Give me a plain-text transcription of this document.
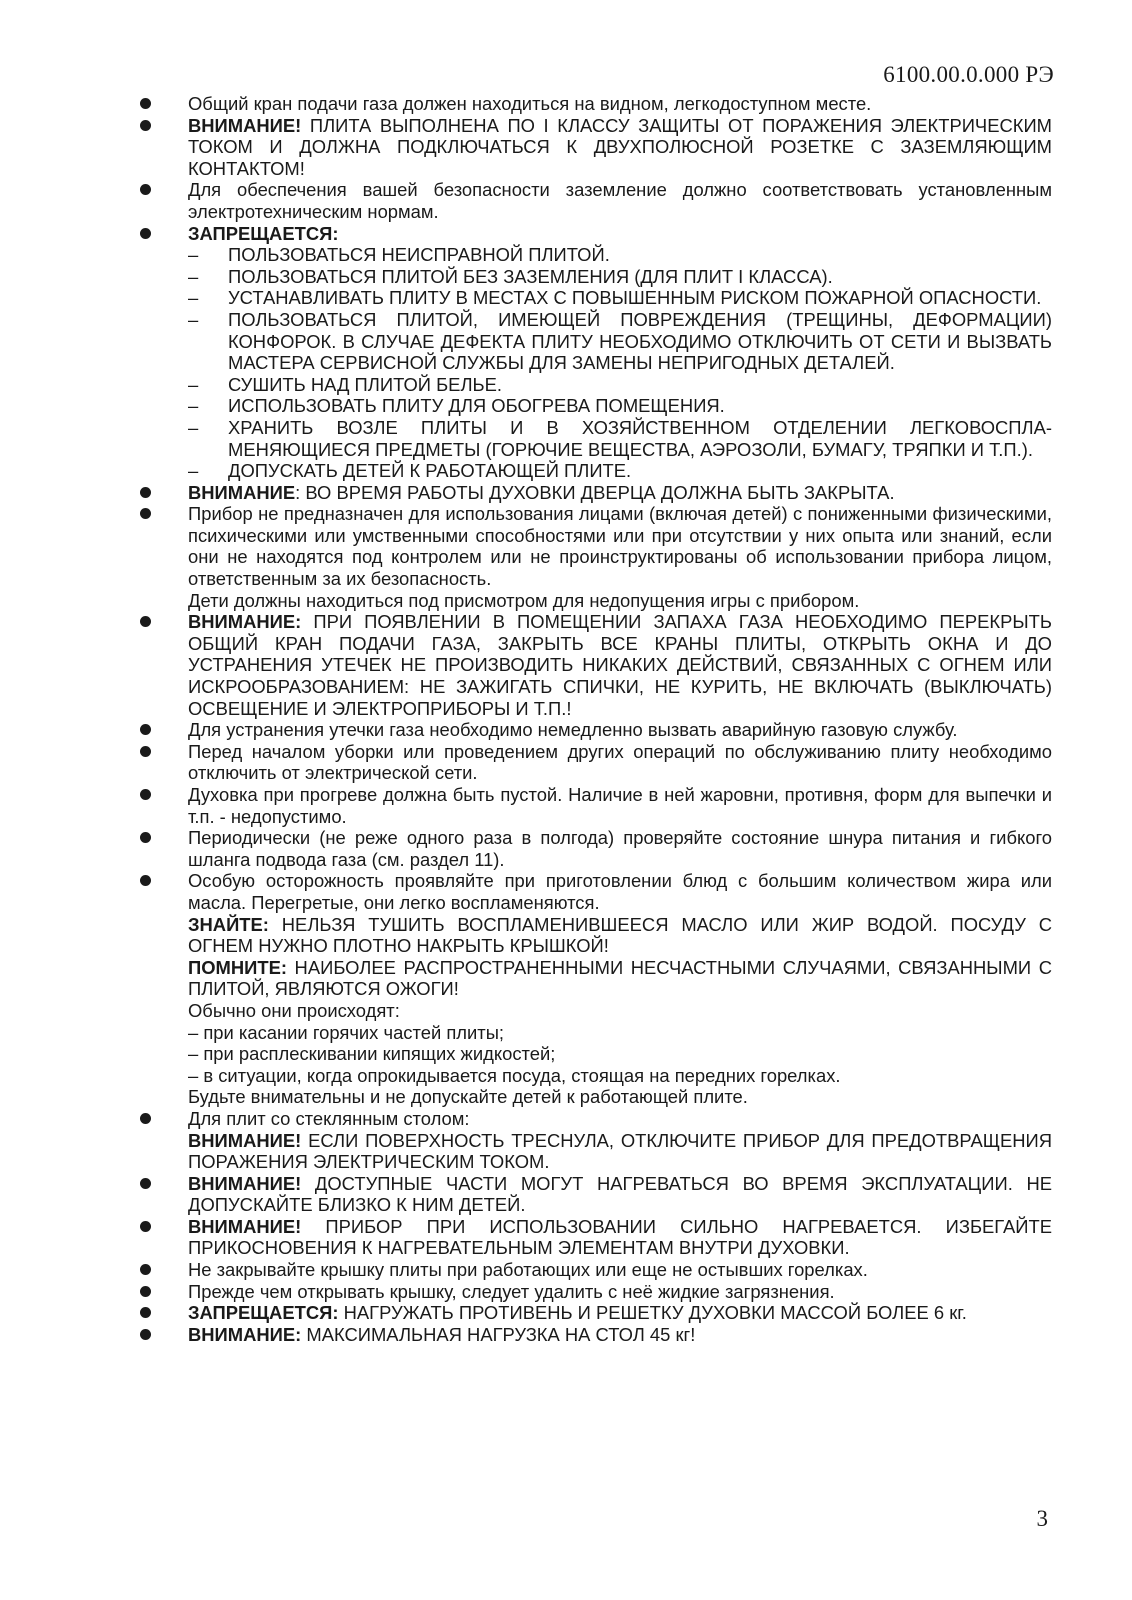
6100.00.0.000 РЭ
Общий кран подачи газа должен находиться на видном, легкодоступном месте.
ВНИМАНИЕ! ПЛИТА ВЫПОЛНЕНА ПО I КЛАССУ ЗАЩИТЫ ОТ ПОРАЖЕНИЯ ЭЛЕКТРИЧЕСКИМ ТОКОМ И ДОЛЖНА ПОДКЛЮЧАТЬСЯ К ДВУХПОЛЮСНОЙ РОЗЕТКЕ С ЗАЗЕМЛЯЮЩИМ КОНТАКТОМ!
Для обеспечения вашей безопасности заземление должно соответствовать установленным электротехническим нормам.
ЗАПРЕЩАЕТСЯ:
– ПОЛЬЗОВАТЬСЯ НЕИСПРАВНОЙ ПЛИТОЙ.
– ПОЛЬЗОВАТЬСЯ ПЛИТОЙ БЕЗ ЗАЗЕМЛЕНИЯ (ДЛЯ ПЛИТ I КЛАССА).
– УСТАНАВЛИВАТЬ ПЛИТУ В МЕСТАХ С ПОВЫШЕННЫМ РИСКОМ ПОЖАРНОЙ ОПАСНОСТИ.
– ПОЛЬЗОВАТЬСЯ ПЛИТОЙ, ИМЕЮЩЕЙ ПОВРЕЖДЕНИЯ (ТРЕЩИНЫ, ДЕФОРМАЦИИ) КОНФОРОК. В СЛУЧАЕ ДЕФЕКТА ПЛИТУ НЕОБХОДИМО ОТКЛЮЧИТЬ ОТ СЕТИ И ВЫЗВАТЬ МАСТЕРА СЕРВИСНОЙ СЛУЖБЫ ДЛЯ ЗАМЕНЫ НЕПРИГОДНЫХ ДЕТАЛЕЙ.
– СУШИТЬ НАД ПЛИТОЙ БЕЛЬЕ.
– ИСПОЛЬЗОВАТЬ ПЛИТУ ДЛЯ ОБОГРЕВА ПОМЕЩЕНИЯ.
– ХРАНИТЬ ВОЗЛЕ ПЛИТЫ И В ХОЗЯЙСТВЕННОМ ОТДЕЛЕНИИ ЛЕГКОВОСПЛА-МЕНЯЮЩИЕСЯ ПРЕДМЕТЫ (ГОРЮЧИЕ ВЕЩЕСТВА, АЭРОЗОЛИ, БУМАГУ, ТРЯПКИ И Т.П.).
– ДОПУСКАТЬ ДЕТЕЙ К РАБОТАЮЩЕЙ ПЛИТЕ.
ВНИМАНИЕ: ВО ВРЕМЯ РАБОТЫ ДУХОВКИ ДВЕРЦА ДОЛЖНА БЫТЬ ЗАКРЫТА.
Прибор не предназначен для использования лицами (включая детей) с пониженными физическими, психическими или умственными способностями или при отсутствии у них опыта или знаний, если они не находятся под контролем или не проинструктированы об использовании прибора лицом, ответственным за их безопасность.
Дети должны находиться под присмотром для недопущения игры с прибором.
ВНИМАНИЕ: ПРИ ПОЯВЛЕНИИ В ПОМЕЩЕНИИ ЗАПАХА ГАЗА НЕОБХОДИМО ПЕРЕКРЫТЬ ОБЩИЙ КРАН ПОДАЧИ ГАЗА, ЗАКРЫТЬ ВСЕ КРАНЫ ПЛИТЫ, ОТКРЫТЬ ОКНА И ДО УСТРАНЕНИЯ УТЕЧЕК НЕ ПРОИЗВОДИТЬ НИКАКИХ ДЕЙСТВИЙ, СВЯЗАННЫХ С ОГНЕМ ИЛИ ИСКРООБРАЗОВАНИЕМ: НЕ ЗАЖИГАТЬ СПИЧКИ, НЕ КУРИТЬ, НЕ ВКЛЮЧАТЬ (ВЫКЛЮЧАТЬ) ОСВЕЩЕНИЕ И ЭЛЕКТРОПРИБОРЫ И Т.П.!
Для устранения утечки газа необходимо немедленно вызвать аварийную газовую службу.
Перед началом уборки или проведением других операций по обслуживанию плиту необходимо отключить от электрической сети.
Духовка при прогреве должна быть пустой. Наличие в ней жаровни, противня, форм для выпечки и т.п. - недопустимо.
Периодически (не реже одного раза в полгода) проверяйте состояние шнура питания и гибкого шланга подвода газа (см. раздел 11).
Особую осторожность проявляйте при приготовлении блюд с большим количеством жира или масла. Перегретые, они легко воспламеняются.
ЗНАЙТЕ: НЕЛЬЗЯ ТУШИТЬ ВОСПЛАМЕНИВШЕЕСЯ МАСЛО ИЛИ ЖИР ВОДОЙ. ПОСУДУ С ОГНЕМ НУЖНО ПЛОТНО НАКРЫТЬ КРЫШКОЙ!
ПОМНИТЕ: НАИБОЛЕЕ РАСПРОСТРАНЕННЫМИ НЕСЧАСТНЫМИ СЛУЧАЯМИ, СВЯЗАННЫМИ С ПЛИТОЙ, ЯВЛЯЮТСЯ ОЖОГИ!
Обычно они происходят:
– при касании горячих частей плиты;
– при расплескивании кипящих жидкостей;
– в ситуации, когда опрокидывается посуда, стоящая на передних горелках.
Будьте внимательны и не допускайте детей к работающей плите.
Для плит со стеклянным столом:
ВНИМАНИЕ! ЕСЛИ ПОВЕРХНОСТЬ ТРЕСНУЛА, ОТКЛЮЧИТЕ ПРИБОР ДЛЯ ПРЕДОТВРАЩЕНИЯ ПОРАЖЕНИЯ ЭЛЕКТРИЧЕСКИМ ТОКОМ.
ВНИМАНИЕ! ДОСТУПНЫЕ ЧАСТИ МОГУТ НАГРЕВАТЬСЯ ВО ВРЕМЯ ЭКСПЛУАТАЦИИ. НЕ ДОПУСКАЙТЕ БЛИЗКО К НИМ ДЕТЕЙ.
ВНИМАНИЕ! ПРИБОР ПРИ ИСПОЛЬЗОВАНИИ СИЛЬНО НАГРЕВАЕТСЯ. ИЗБЕГАЙТЕ ПРИКОСНОВЕНИЯ К НАГРЕВАТЕЛЬНЫМ ЭЛЕМЕНТАМ ВНУТРИ ДУХОВКИ.
Не закрывайте крышку плиты при работающих или еще не остывших горелках.
Прежде чем открывать крышку, следует удалить с неё жидкие загрязнения.
ЗАПРЕЩАЕТСЯ: НАГРУЖАТЬ ПРОТИВЕНЬ И РЕШЕТКУ ДУХОВКИ МАССОЙ БОЛЕЕ 6 кг.
ВНИМАНИЕ: МАКСИМАЛЬНАЯ НАГРУЗКА НА СТОЛ 45 кг!
3
